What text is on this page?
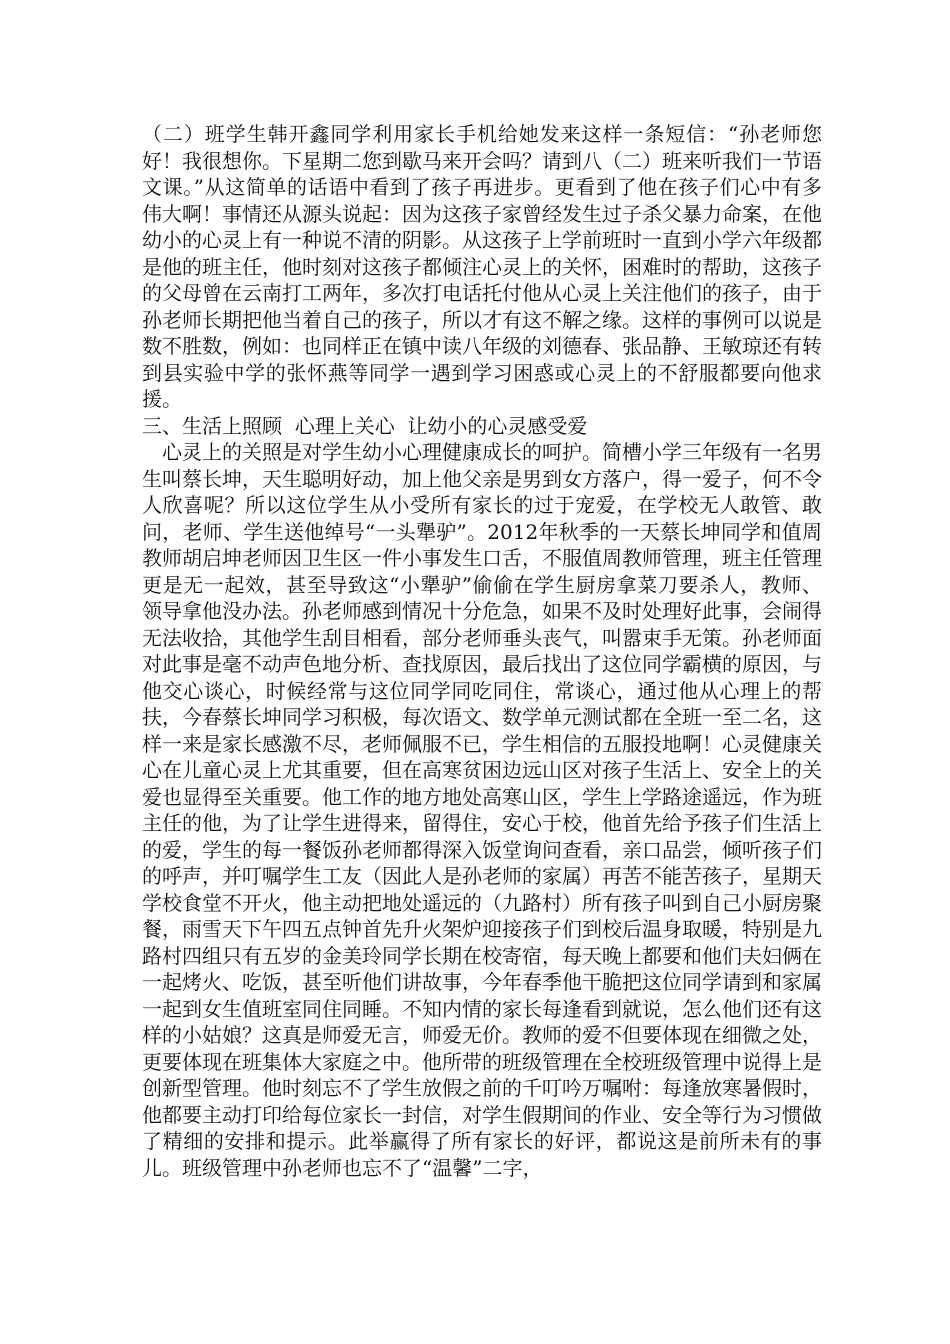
（二）班学生韩开鑫同学利用家长手机给她发来这样一条短信：“孙老师您好！我很想你。下星期二您到歇马来开会吗？请到八（二）班来听我们一节语文课。”从这简单的话语中看到了孩子再进步。更看到了他在孩子们心中有多伟大啊！事情还从源头说起：因为这孩子家曾经发生过子杀父暴力命案，在他幼小的心灵上有一种说不清的阴影。从这孩子上学前班时一直到小学六年级都是他的班主任，他时刻对这孩子都倾注心灵上的关怀，困难时的帮助，这孩子的父母曾在云南打工两年，多次打电话托付他从心灵上关注他们的孩子，由于孙老师长期把他当着自己的孩子，所以才有这不解之缘。这样的事例可以说是数不胜数，例如：也同样正在镇中读八年级的刘德春、张品静、王敏琼还有转到县实验中学的张怀燕等同学一遇到学习困惑或心灵上的不舒服都要向他求援。

三、生活上照顾  心理上关心  让幼小的心灵感受爱

心灵上的关照是对学生幼小心理健康成长的呵护。简槽小学三年级有一名男生叫蔡长坤，天生聪明好动，加上他父亲是男到女方落户，得一爱子，何不令人欣喜呢？所以这位学生从小受所有家长的过于宠爱，在学校无人敢管、敢问，老师、学生送他绰号“一头犟驴”。2012年秋季的一天蔡长坤同学和值周教师胡启坤老师因卫生区一件小事发生口舌，不服值周教师管理，班主任管理更是无一起效，甚至导致这“小犟驴”偷偷在学生厨房拿菜刀要杀人，教师、领导拿他没办法。孙老师感到情况十分危急，如果不及时处理好此事，会闹得无法收拾，其他学生刮目相看，部分老师垂头丧气，叫嚣束手无策。孙老师面对此事是毫不动声色地分析、查找原因，最后找出了这位同学霸横的原因，与他交心谈心，时候经常与这位同学同吃同住，常谈心，通过他从心理上的帮扶，今春蔡长坤同学习积极，每次语文、数学单元测试都在全班一至二名，这样一来是家长感激不尽，老师佩服不已，学生相信的五服投地啊！心灵健康关心在儿童心灵上尤其重要，但在高寒贫困边远山区对孩子生活上、安全上的关爱也显得至关重要。他工作的地方地处高寒山区，学生上学路途遥远，作为班主任的他，为了让学生进得来，留得住，安心于校，他首先给予孩子们生活上的爱，学生的每一餐饭孙老师都得深入饭堂询问查看，亲口品尝，倾听孩子们的呼声，并叮嘱学生工友（因此人是孙老师的家属）再苦不能苦孩子，星期天学校食堂不开火，他主动把地处遥远的（九路村）所有孩子叫到自己小厨房聚餐，雨雪天下午四五点钟首先升火架炉迎接孩子们到校后温身取暖，特别是九路村四组只有五岁的金美玲同学长期在校寄宿，每天晚上都要和他们夫妇俩在一起烤火、吃饭，甚至听他们讲故事，今年春季他干脆把这位同学请到和家属一起到女生值班室同住同睡。不知内情的家长每逢看到就说，怎么他们还有这样的小姑娘？这真是师爱无言，师爱无价。教师的爱不但要体现在细微之处，更要体现在班集体大家庭之中。他所带的班级管理在全校班级管理中说得上是创新型管理。他时刻忘不了学生放假之前的千叮吟万嘱咐：每逢放寒暑假时，他都要主动打印给每位家长一封信，对学生假期间的作业、安全等行为习惯做了精细的安排和提示。此举赢得了所有家长的好评，都说这是前所未有的事儿。班级管理中孙老师也忘不了“温馨”二字，
